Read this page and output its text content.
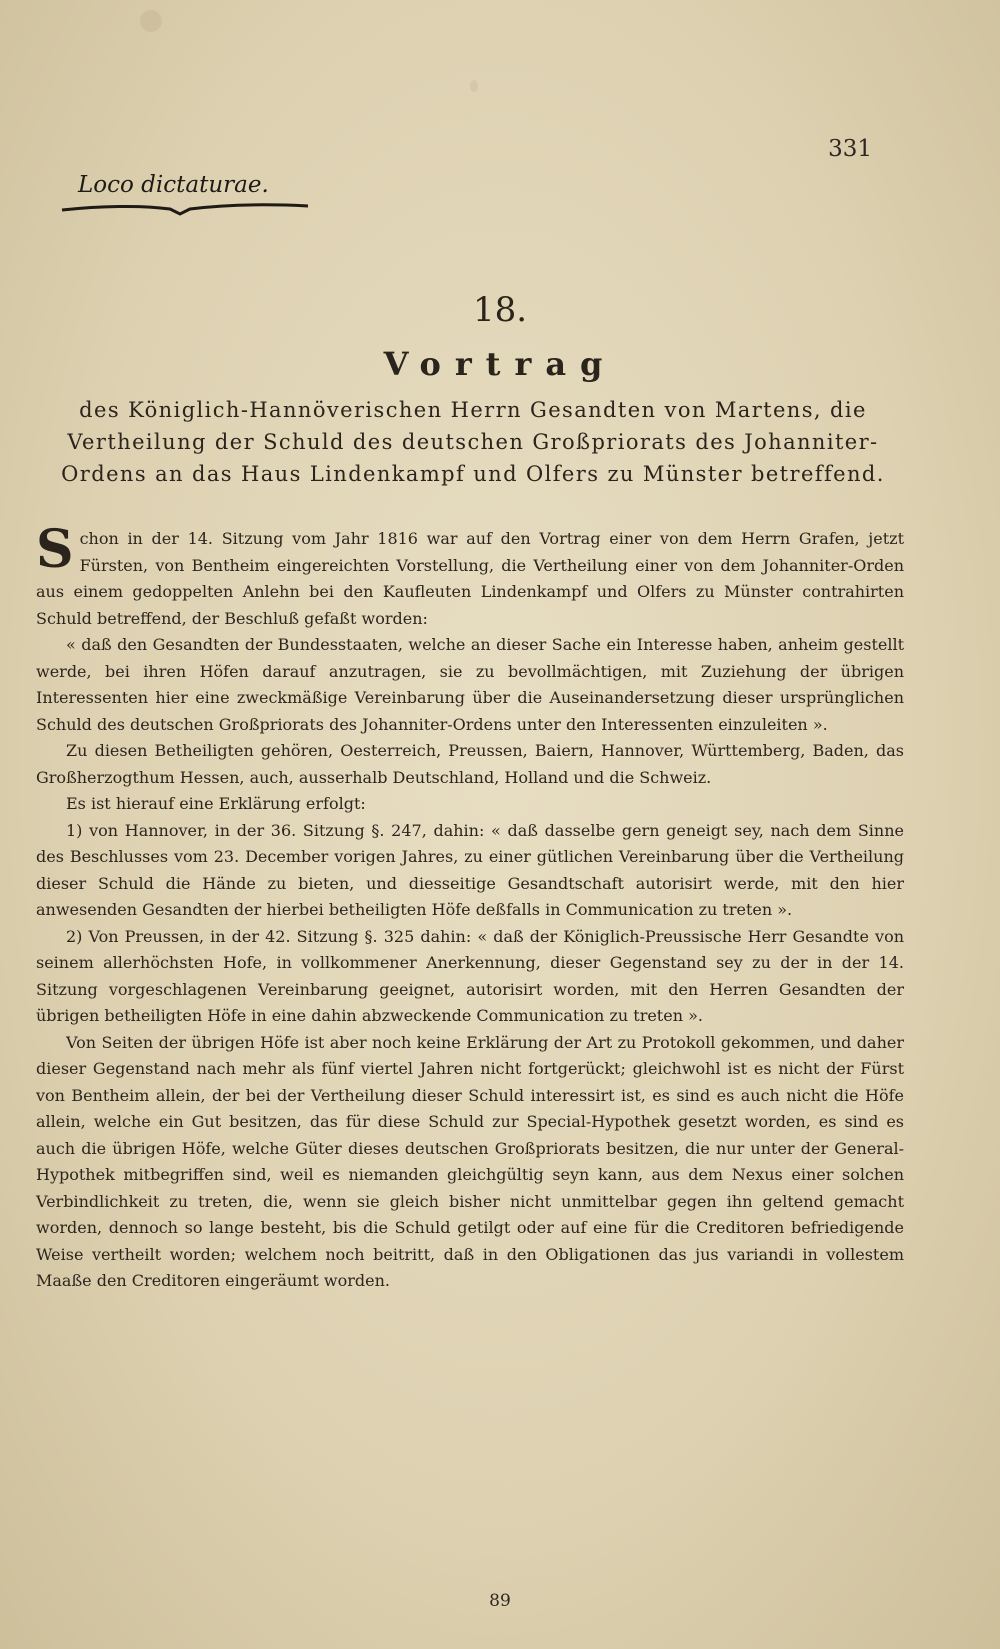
331
Loco dictaturae.
18.
Vortrag
des Königlich-Hannöverischen Herrn Gesandten von Martens, die Vertheilung der Schuld des deutschen Großpriorats des Johanniter-Ordens an das Haus Lindenkampf und Olfers zu Münster betreffend.

Schon in der 14. Sitzung vom Jahr 1816 war auf den Vortrag einer von dem Herrn Grafen, jetzt Fürsten, von Bentheim eingereichten Vorstellung, die Vertheilung einer von dem Johanniter-Orden aus einem gedoppelten Anlehn bei den Kaufleuten Lindenkampf und Olfers zu Münster contrahirten Schuld betreffend, der Beschluß gefaßt worden:

« daß den Gesandten der Bundesstaaten, welche an dieser Sache ein Interesse haben, anheim gestellt werde, bei ihren Höfen darauf anzutragen, sie zu bevollmächtigen, mit Zuziehung der übrigen Interessenten hier eine zweckmäßige Vereinbarung über die Auseinandersetzung dieser ursprünglichen Schuld des deutschen Großpriorats des Johanniter-Ordens unter den Interessenten einzuleiten ».

Zu diesen Betheiligten gehören, Oesterreich, Preussen, Baiern, Hannover, Württemberg, Baden, das Großherzogthum Hessen, auch, ausserhalb Deutschland, Holland und die Schweiz.

Es ist hierauf eine Erklärung erfolgt:

1) von Hannover, in der 36. Sitzung §. 247, dahin: « daß dasselbe gern geneigt sey, nach dem Sinne des Beschlusses vom 23. December vorigen Jahres, zu einer gütlichen Vereinbarung über die Vertheilung dieser Schuld die Hände zu bieten, und diesseitige Gesandtschaft autorisirt werde, mit den hier anwesenden Gesandten der hierbei betheiligten Höfe deßfalls in Communication zu treten ».

2) Von Preussen, in der 42. Sitzung §. 325 dahin: « daß der Königlich-Preussische Herr Gesandte von seinem allerhöchsten Hofe, in vollkommener Anerkennung, dieser Gegenstand sey zu der in der 14. Sitzung vorgeschlagenen Vereinbarung geeignet, autorisirt worden, mit den Herren Gesandten der übrigen betheiligten Höfe in eine dahin abzweckende Communication zu treten ».

Von Seiten der übrigen Höfe ist aber noch keine Erklärung der Art zu Protokoll gekommen, und daher dieser Gegenstand nach mehr als fünf viertel Jahren nicht fortgerückt; gleichwohl ist es nicht der Fürst von Bentheim allein, der bei der Vertheilung dieser Schuld interessirt ist, es sind es auch nicht die Höfe allein, welche ein Gut besitzen, das für diese Schuld zur Special-Hypothek gesetzt worden, es sind es auch die übrigen Höfe, welche Güter dieses deutschen Großpriorats besitzen, die nur unter der General-Hypothek mitbegriffen sind, weil es niemanden gleichgültig seyn kann, aus dem Nexus einer solchen Verbindlichkeit zu treten, die, wenn sie gleich bisher nicht unmittelbar gegen ihn geltend gemacht worden, dennoch so lange besteht, bis die Schuld getilgt oder auf eine für die Creditoren befriedigende Weise vertheilt worden; welchem noch beitritt, daß in den Obligationen das jus variandi in vollestem Maaße den Creditoren eingeräumt worden.

89
